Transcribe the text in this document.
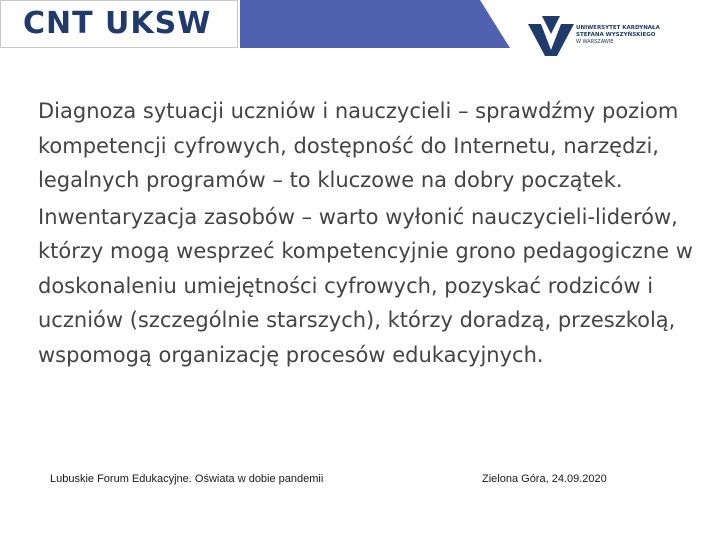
CNT UKSW	UNIWERSYTET KARDYNAŁA
STEFANA WYSZYŃSKIEGO
W WARSZAWIE

Diagnoza sytuacji uczniów i nauczycieli – sprawdźmy poziom kompetencji cyfrowych, dostępność do Internetu, narzędzi, legalnych programów – to kluczowe na dobry początek.

Inwentaryzacja zasobów – warto wyłonić nauczycieli-liderów, którzy mogą wesprzeć kompetencyjnie grono pedagogiczne w doskonaleniu umiejętności cyfrowych, pozyskać rodziców i uczniów (szczególnie starszych), którzy doradzą, przeszkolą, wspomogą organizację procesów edukacyjnych.

Lubuskie Forum Edukacyjne. Oświata w dobie pandemii	Zielona Góra, 24.09.2020
